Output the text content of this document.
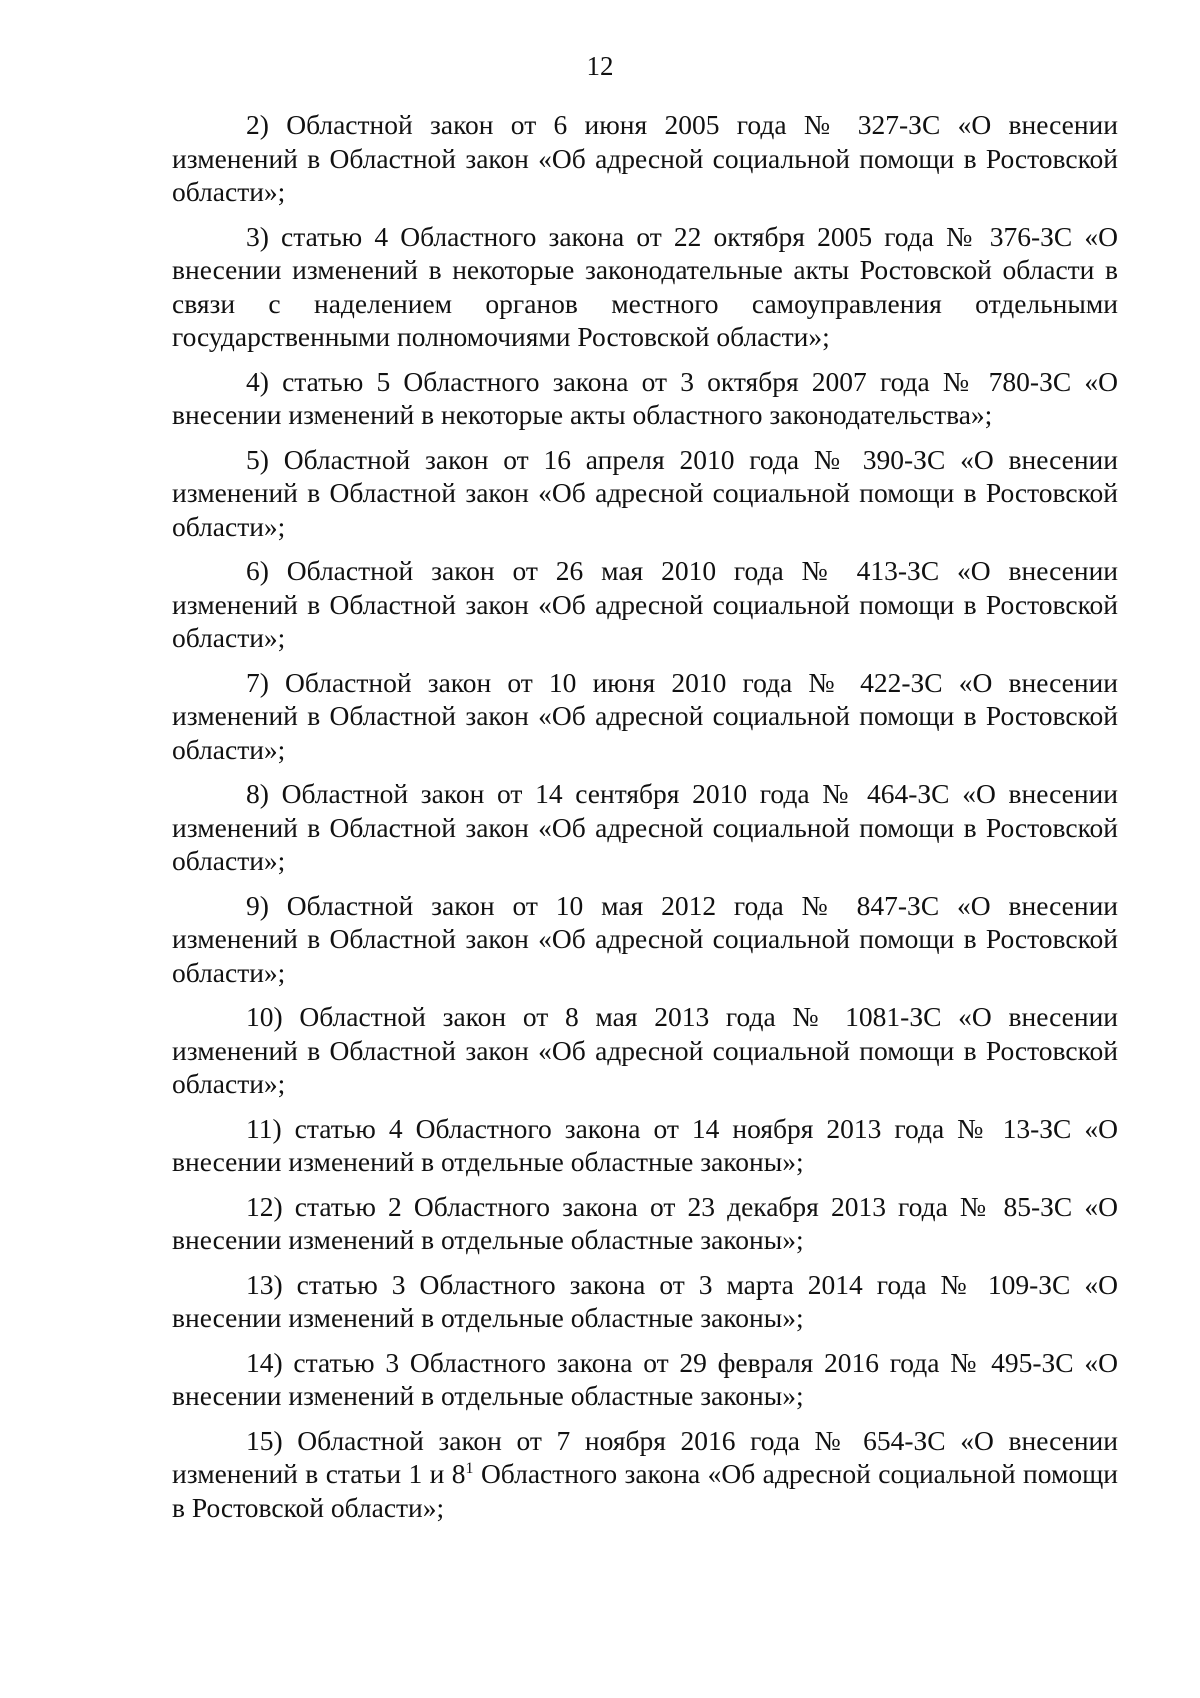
12

2) Областной закон от 6 июня 2005 года № 327-ЗС «О внесении изменений в Областной закон «Об адресной социальной помощи в Ростовской области»;

3) статью 4 Областного закона от 22 октября 2005 года № 376-ЗС «О внесении изменений в некоторые законодательные акты Ростовской области в связи с наделением органов местного самоуправления отдельными государственными полномочиями Ростовской области»;

4) статью 5 Областного закона от 3 октября 2007 года № 780-ЗС «О внесении изменений в некоторые акты областного законодательства»;

5) Областной закон от 16 апреля 2010 года № 390-ЗС «О внесении изменений в Областной закон «Об адресной социальной помощи в Ростовской области»;

6) Областной закон от 26 мая 2010 года № 413-ЗС «О внесении изменений в Областной закон «Об адресной социальной помощи в Ростовской области»;

7) Областной закон от 10 июня 2010 года № 422-ЗС «О внесении изменений в Областной закон «Об адресной социальной помощи в Ростовской области»;

8) Областной закон от 14 сентября 2010 года № 464-ЗС «О внесении изменений в Областной закон «Об адресной социальной помощи в Ростовской области»;

9) Областной закон от 10 мая 2012 года № 847-ЗС «О внесении изменений в Областной закон «Об адресной социальной помощи в Ростовской области»;

10) Областной закон от 8 мая 2013 года № 1081-ЗС «О внесении изменений в Областной закон «Об адресной социальной помощи в Ростовской области»;

11) статью 4 Областного закона от 14 ноября 2013 года № 13-ЗС «О внесении изменений в отдельные областные законы»;

12) статью 2 Областного закона от 23 декабря 2013 года № 85-ЗС «О внесении изменений в отдельные областные законы»;

13) статью 3 Областного закона от 3 марта 2014 года № 109-ЗС «О внесении изменений в отдельные областные законы»;

14) статью 3 Областного закона от 29 февраля 2016 года № 495-ЗС «О внесении изменений в отдельные областные законы»;

15) Областной закон от 7 ноября 2016 года № 654-ЗС «О внесении изменений в статьи 1 и $8^1$ Областного закона «Об адресной социальной помощи в Ростовской области»;
